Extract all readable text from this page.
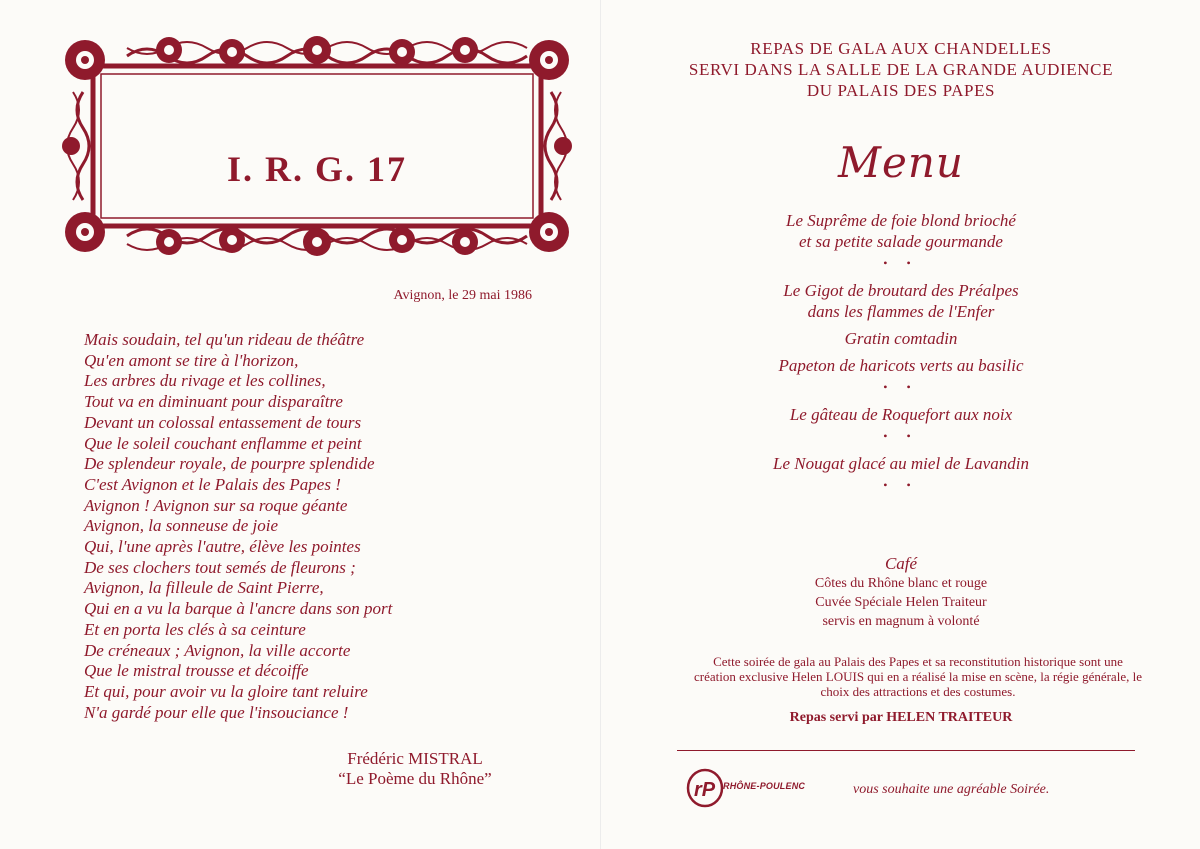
I. R. G. 17
Avignon, le 29 mai 1986
Mais soudain, tel qu'un rideau de théâtre
Qu'en amont se tire à l'horizon,
Les arbres du rivage et les collines,
Tout va en diminuant pour disparaître
Devant un colossal entassement de tours
Que le soleil couchant enflamme et peint
De splendeur royale, de pourpre splendide
C'est Avignon et le Palais des Papes !
Avignon ! Avignon sur sa roque géante
Avignon, la sonneuse de joie
Qui, l'une après l'autre, élève les pointes
De ses clochers tout semés de fleurons ;
Avignon, la filleule de Saint Pierre,
Qui en a vu la barque à l'ancre dans son port
Et en porta les clés à sa ceinture
De créneaux ; Avignon, la ville accorte
Que le mistral trousse et décoiffe
Et qui, pour avoir vu la gloire tant reluire
N'a gardé pour elle que l'insouciance !
Frédéric MISTRAL
“Le Poème du Rhône”
REPAS DE GALA AUX CHANDELLES
SERVI DANS LA SALLE DE LA GRANDE AUDIENCE
DU PALAIS DES PAPES
Menu
Le Suprême de foie blond brioché
et sa petite salade gourmande
• •
Le Gigot de broutard des Préalpes
dans les flammes de l'Enfer
Gratin comtadin
Papeton de haricots verts au basilic
• •
Le gâteau de Roquefort aux noix
• •
Le Nougat glacé au miel de Lavandin
• •
Café
Côtes du Rhône blanc et rouge
Cuvée Spéciale Helen Traiteur
servis en magnum à volonté
Cette soirée de gala au Palais des Papes et sa reconstitution historique sont une création exclusive Helen LOUIS qui en a réalisé la mise en scène, la régie générale, le choix des attractions et des costumes.
Repas servi par HELEN TRAITEUR
rP RHÔNE-POULENC	vous souhaite une agréable Soirée.
